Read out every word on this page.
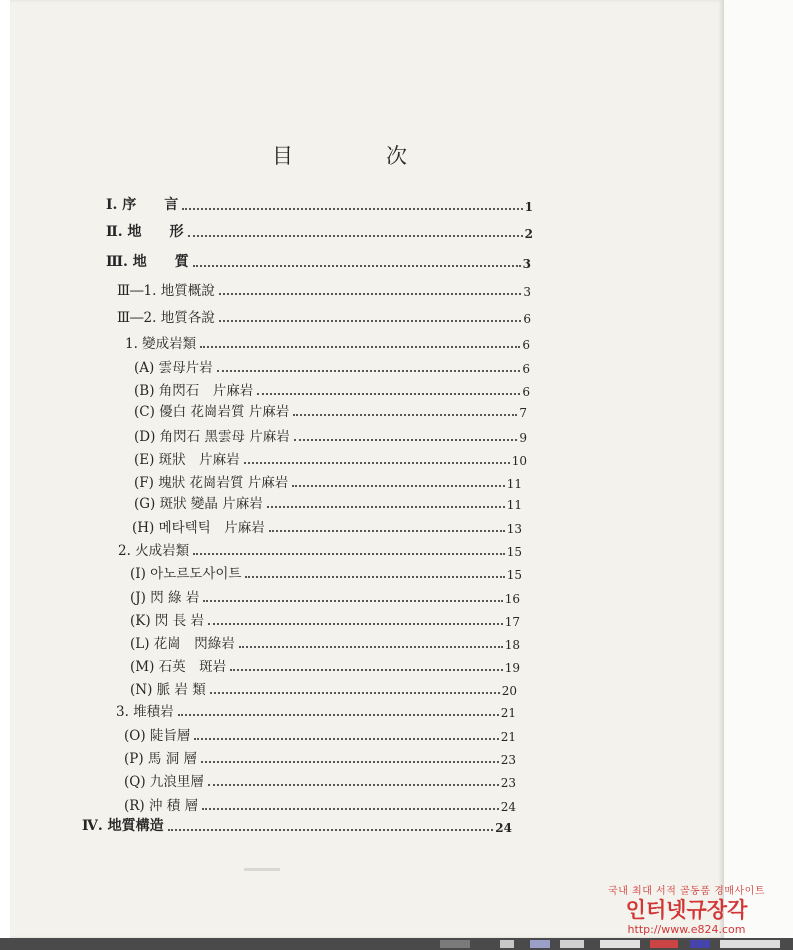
目　次
Ⅰ. 序　　言	1
Ⅱ. 地　　形	2
Ⅲ. 地　　質	3
Ⅲ―1. 地質概說	3
Ⅲ―2. 地質各說	6
1. 變成岩類	6
(A) 雲母片岩	6
(B) 角閃石　片麻岩	6
(C) 優白 花崗岩質 片麻岩	7
(D) 角閃石 黑雲母 片麻岩	9
(E) 斑狀　片麻岩	10
(F) 塊狀 花崗岩質 片麻岩	11
(G) 斑狀 變晶 片麻岩	11
(H) 메타텍틱　片麻岩	13
2. 火成岩類	15
(I) 아노르도사이트	15
(J) 閃 綠 岩	16
(K) 閃 長 岩	17
(L) 花崗　閃綠岩	18
(M) 石英　斑岩	19
(N) 脈 岩 類	20
3. 堆積岩	21
(O) 陡旨層	21
(P) 馬 洞 層	23
(Q) 九浪里層	23
(R) 沖 積 層	24
Ⅳ. 地質構造	24
국내 최대 서적 골동품 경매사이트
인터넷규장각
http://www.e824.com
